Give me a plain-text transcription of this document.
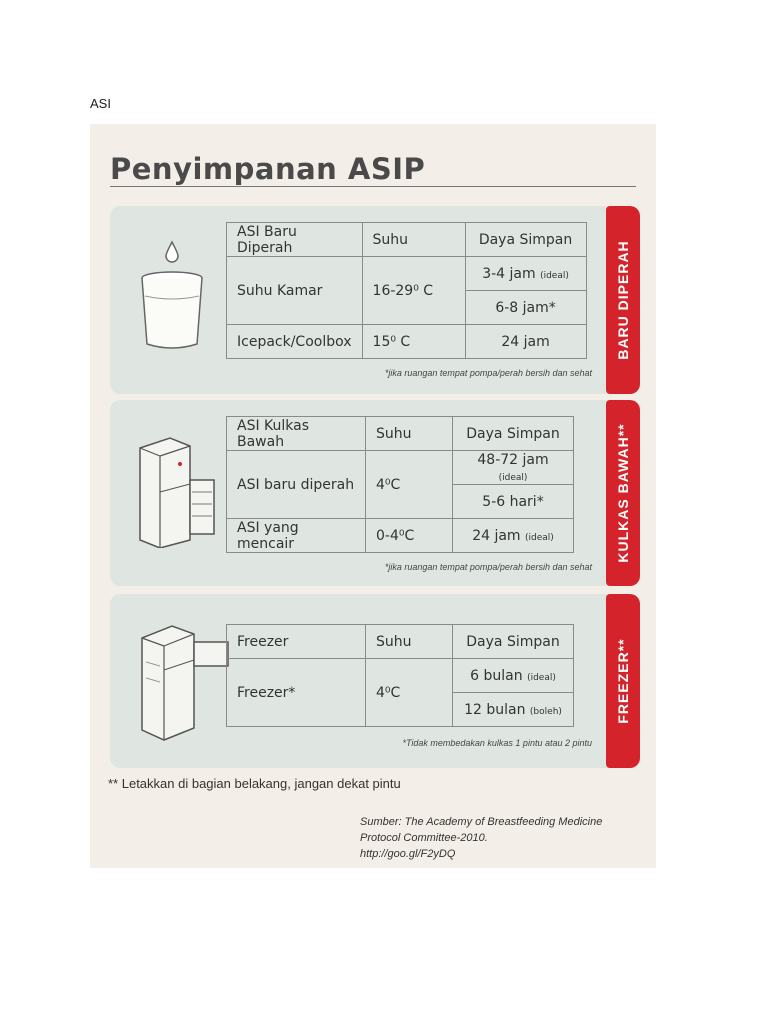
ASI
Penyimpanan ASIP
ASI Baru Diperah	Suhu	Daya Simpan
Suhu Kamar	16-29⁰ C	3-4 jam (ideal)
		6-8 jam*
Icepack/Coolbox	15⁰ C	24 jam
*jika ruangan tempat pompa/perah bersih dan sehat
BARU DIPERAH
ASI Kulkas Bawah	Suhu	Daya Simpan
ASI baru diperah	4⁰C	48-72 jam (ideal)
		5-6 hari*
ASI yang mencair	0-4⁰C	24 jam (ideal)
*jika ruangan tempat pompa/perah bersih dan sehat
KULKAS BAWAH**
Freezer	Suhu	Daya Simpan
Freezer*	4⁰C	6 bulan (ideal)
		12 bulan (boleh)
*Tidak membedakan kulkas 1 pintu atau 2 pintu
FREEZER**
** Letakkan di bagian belakang, jangan dekat pintu
Sumber: The Academy of Breastfeeding Medicine
Protocol Committee-2010.
http://goo.gl/F2yDQ
